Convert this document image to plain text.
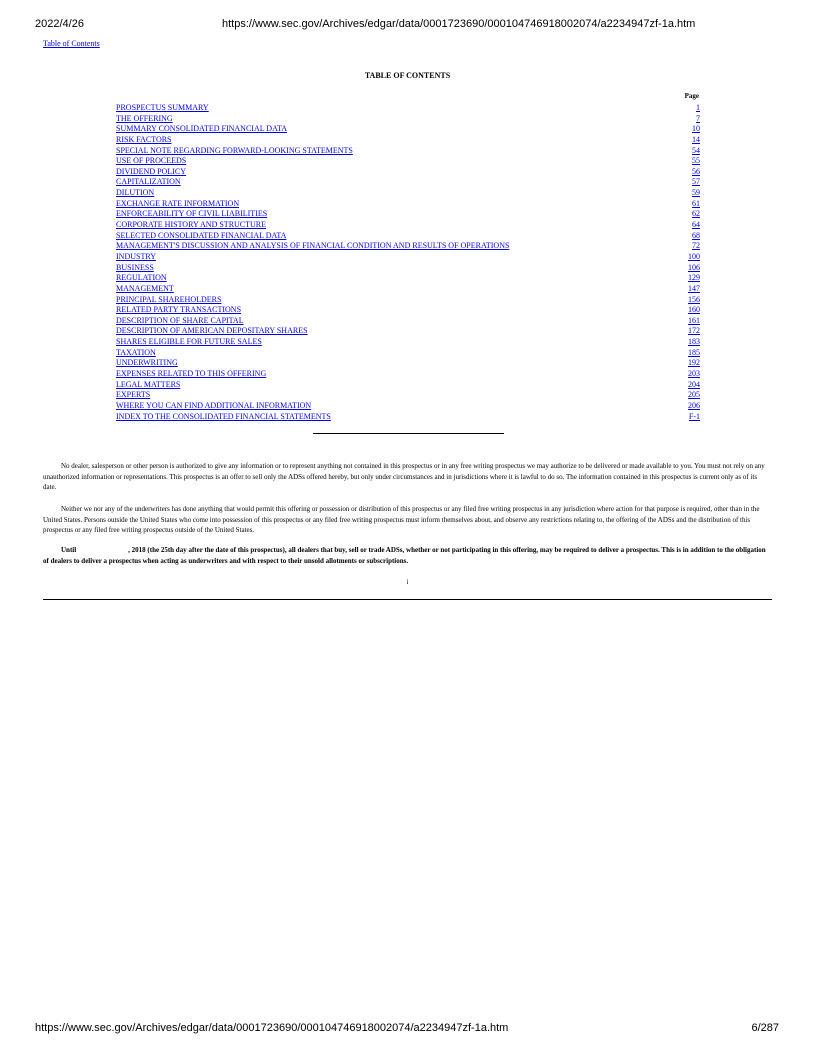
2022/4/26	https://www.sec.gov/Archives/edgar/data/0001723690/000104746918002074/a2234947zf-1a.htm
Table of Contents
TABLE OF CONTENTS
Page
PROSPECTUS SUMMARY	1
THE OFFERING	7
SUMMARY CONSOLIDATED FINANCIAL DATA	10
RISK FACTORS	14
SPECIAL NOTE REGARDING FORWARD-LOOKING STATEMENTS	54
USE OF PROCEEDS	55
DIVIDEND POLICY	56
CAPITALIZATION	57
DILUTION	59
EXCHANGE RATE INFORMATION	61
ENFORCEABILITY OF CIVIL LIABILITIES	62
CORPORATE HISTORY AND STRUCTURE	64
SELECTED CONSOLIDATED FINANCIAL DATA	68
MANAGEMENT'S DISCUSSION AND ANALYSIS OF FINANCIAL CONDITION AND RESULTS OF OPERATIONS	72
INDUSTRY	100
BUSINESS	106
REGULATION	129
MANAGEMENT	147
PRINCIPAL SHAREHOLDERS	156
RELATED PARTY TRANSACTIONS	160
DESCRIPTION OF SHARE CAPITAL	161
DESCRIPTION OF AMERICAN DEPOSITARY SHARES	172
SHARES ELIGIBLE FOR FUTURE SALES	183
TAXATION	185
UNDERWRITING	192
EXPENSES RELATED TO THIS OFFERING	203
LEGAL MATTERS	204
EXPERTS	205
WHERE YOU CAN FIND ADDITIONAL INFORMATION	206
INDEX TO THE CONSOLIDATED FINANCIAL STATEMENTS	F-1

No dealer, salesperson or other person is authorized to give any information or to represent anything not contained in this prospectus or in any free writing prospectus we may authorize to be delivered or made available to you. You must not rely on any unauthorized information or representations. This prospectus is an offer to sell only the ADSs offered hereby, but only under circumstances and in jurisdictions where it is lawful to do so. The information contained in this prospectus is current only as of its date.

Neither we nor any of the underwriters has done anything that would permit this offering or possession or distribution of this prospectus or any filed free writing prospectus in any jurisdiction where action for that purpose is required, other than in the United States. Persons outside the United States who come into possession of this prospectus or any filed free writing prospectus must inform themselves about, and observe any restrictions relating to, the offering of the ADSs and the distribution of this prospectus or any filed free writing prospectus outside of the United States.

Until	, 2018 (the 25th day after the date of this prospectus), all dealers that buy, sell or trade ADSs, whether or not participating in this offering, may be required to deliver a prospectus. This is in addition to the obligation of dealers to deliver a prospectus when acting as underwriters and with respect to their unsold allotments or subscriptions.

i
https://www.sec.gov/Archives/edgar/data/0001723690/000104746918002074/a2234947zf-1a.htm	6/287
